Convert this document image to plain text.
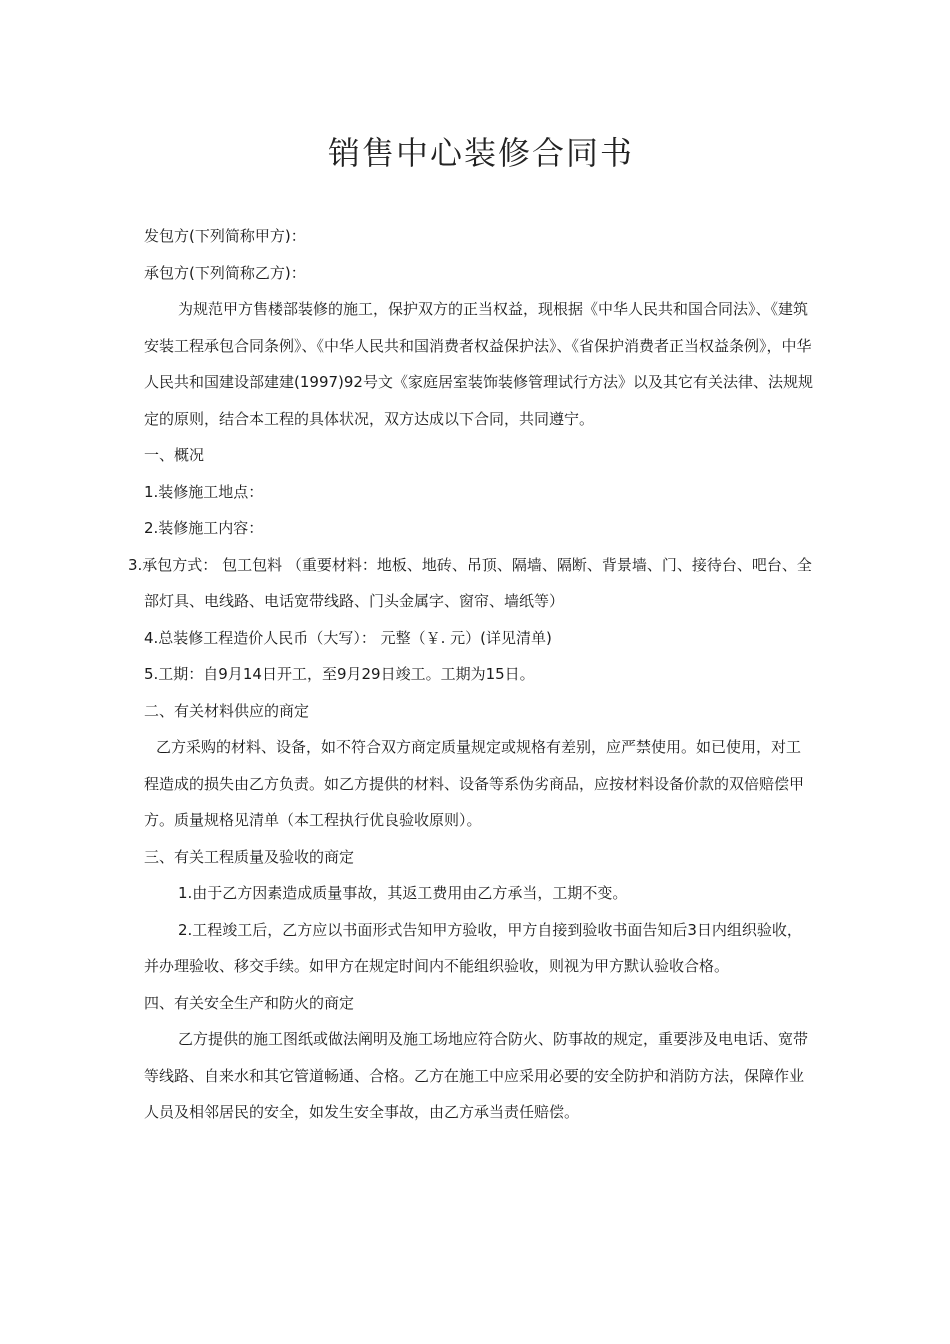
销售中心装修合同书

发包方(下列简称甲方)：

承包方(下列简称乙方)：

为规范甲方售楼部装修的施工，保护双方的正当权益，现根据《中华人民共和国合同法》、《建筑安装工程承包合同条例》、《中华人民共和国消费者权益保护法》、《省保护消费者正当权益条例》，中华人民共和国建设部建建(1997)92号文《家庭居室装饰装修管理试行方法》以及其它有关法律、法规规定的原则，结合本工程的具体状况，双方达成以下合同，共同遵宁。

一、概况

1.装修施工地点：

2.装修施工内容：

3.承包方式： 包工包料 （重要材料：地板、地砖、吊顶、隔墙、隔断、背景墙、门、接待台、吧台、全部灯具、电线路、电话宽带线路、门头金属字、窗帘、墙纸等）

4.总装修工程造价人民币（大写）： 元整（￥. 元）(详见清单)

5.工期：自9月14日开工，至9月29日竣工。工期为15日。

二、有关材料供应的商定

乙方采购的材料、设备，如不符合双方商定质量规定或规格有差别，应严禁使用。如已使用，对工程造成的损失由乙方负责。如乙方提供的材料、设备等系伪劣商品，应按材料设备价款的双倍赔偿甲方。质量规格见清单（本工程执行优良验收原则）。

三、有关工程质量及验收的商定

1.由于乙方因素造成质量事故，其返工费用由乙方承当，工期不变。

2.工程竣工后，乙方应以书面形式告知甲方验收，甲方自接到验收书面告知后3日内组织验收，并办理验收、移交手续。如甲方在规定时间内不能组织验收，则视为甲方默认验收合格。

四、有关安全生产和防火的商定

乙方提供的施工图纸或做法阐明及施工场地应符合防火、防事故的规定，重要涉及电电话、宽带等线路、自来水和其它管道畅通、合格。乙方在施工中应采用必要的安全防护和消防方法，保障作业人员及相邻居民的安全，如发生安全事故，由乙方承当责任赔偿。
